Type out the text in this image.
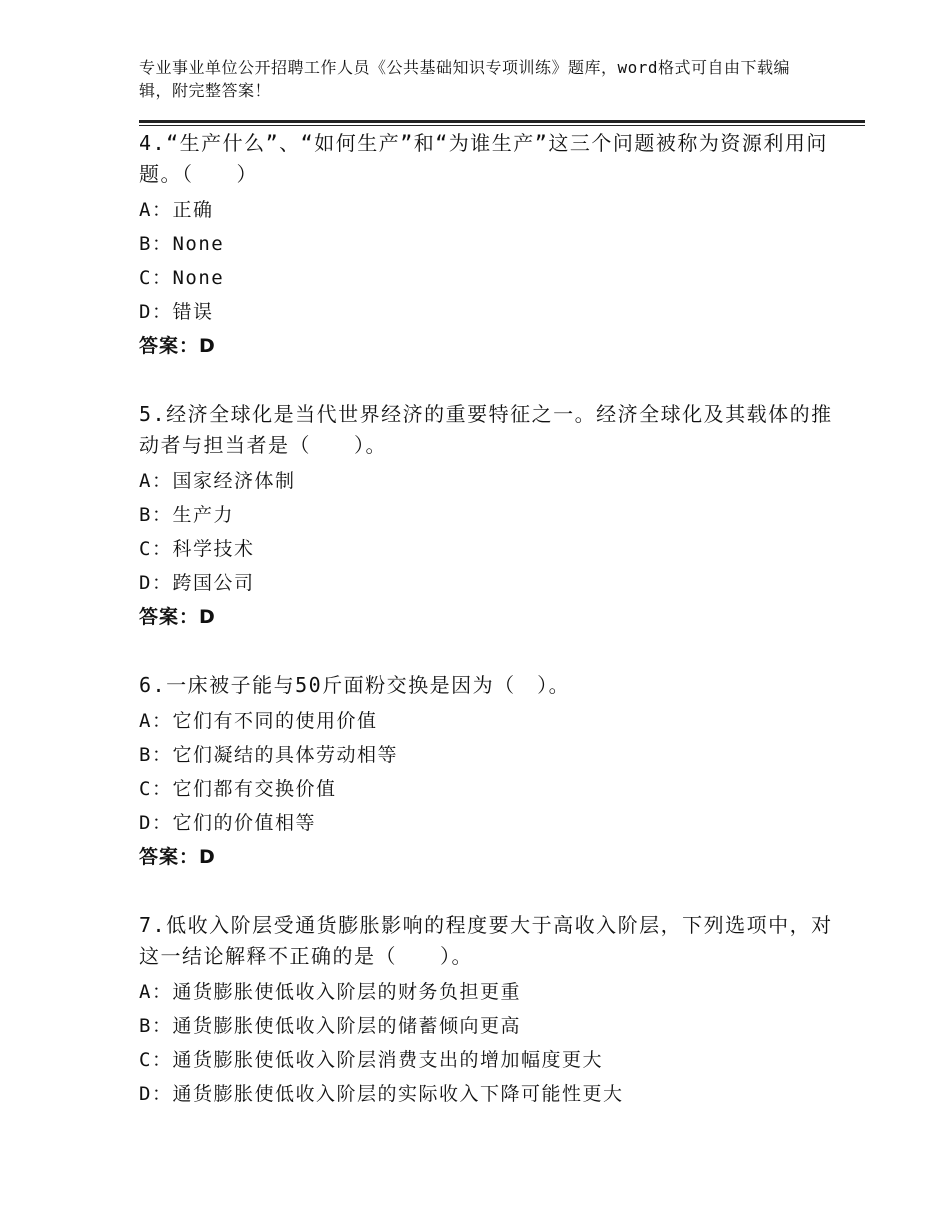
专业事业单位公开招聘工作人员《公共基础知识专项训练》题库，word格式可自由下载编辑，附完整答案！
4.“生产什么”、“如何生产”和“为谁生产”这三个问题被称为资源利用问题。（　　）
A：正确
B：None
C：None
D：错误
答案：D
5.经济全球化是当代世界经济的重要特征之一。经济全球化及其载体的推动者与担当者是（　　）。
A：国家经济体制
B：生产力
C：科学技术
D：跨国公司
答案：D
6.一床被子能与50斤面粉交换是因为（　）。
A：它们有不同的使用价值
B：它们凝结的具体劳动相等
C：它们都有交换价值
D：它们的价值相等
答案：D
7.低收入阶层受通货膨胀影响的程度要大于高收入阶层，下列选项中，对这一结论解释不正确的是（　　）。
A：通货膨胀使低收入阶层的财务负担更重
B：通货膨胀使低收入阶层的储蓄倾向更高
C：通货膨胀使低收入阶层消费支出的增加幅度更大
D：通货膨胀使低收入阶层的实际收入下降可能性更大
